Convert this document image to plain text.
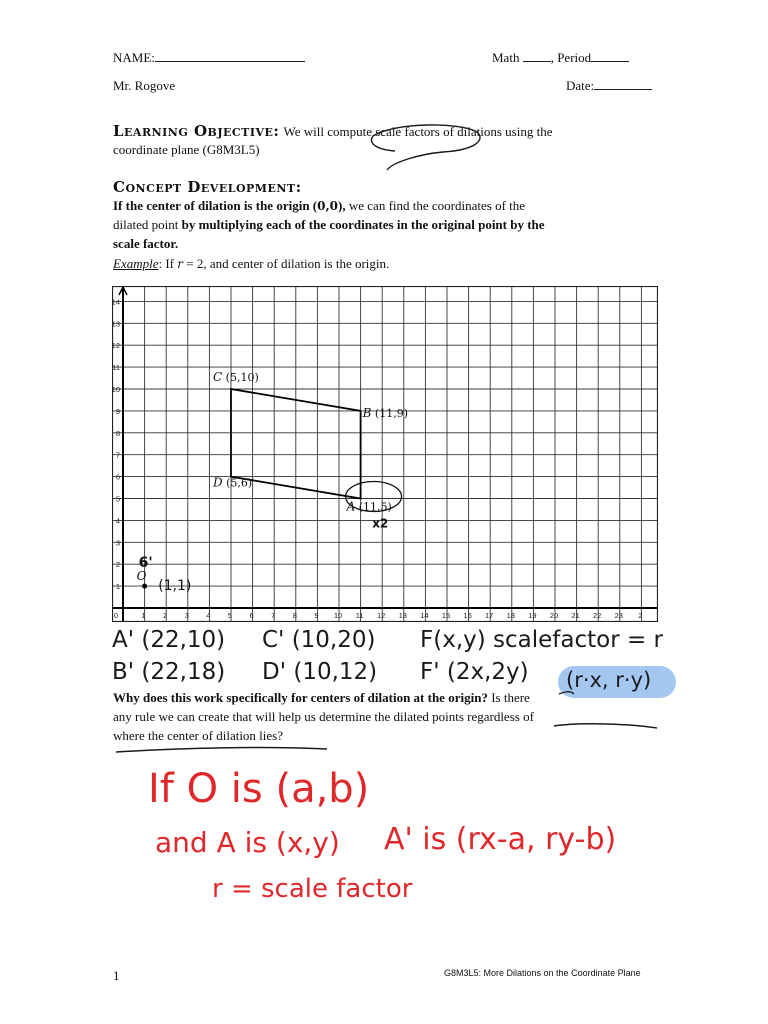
NAME:	Math , Period
Mr. Rogove	Date:
Learning Objective: We will compute scale factors of dilations using the
coordinate plane (G8M3L5)
Concept Development:
If the center of dilation is the origin (0,0), we can find the coordinates of the
dilated point by multiplying each of the coordinates in the original point by the
scale factor.
Example: If r = 2, and center of dilation is the origin.
0	1 2 3 4 5 6 7 8 9 10 11 12 13 14 15 16 17 18 19 20 21 22 23 2
1
2
3
4
5
6
7
8
9
10
11
12
13
14
C (5,10)
B (11,9)
D (5,6)
A (11,5)
O
x2
6'
(1,1)
A' (22,10) C' (10,20) F(x,y) scalefactor = r
B' (22,18) D' (10,12) F' (2x,2y) (r·x, r·y)
Why does this work specifically for centers of dilation at the origin? Is there
any rule we can create that will help us determine the dilated points regardless of
where the center of dilation lies?
If O is (a,b)
and A is (x,y) A' is (rx-a, ry-b)
r = scale factor
1	G8M3L5: More Dilations on the Coordinate Plane
